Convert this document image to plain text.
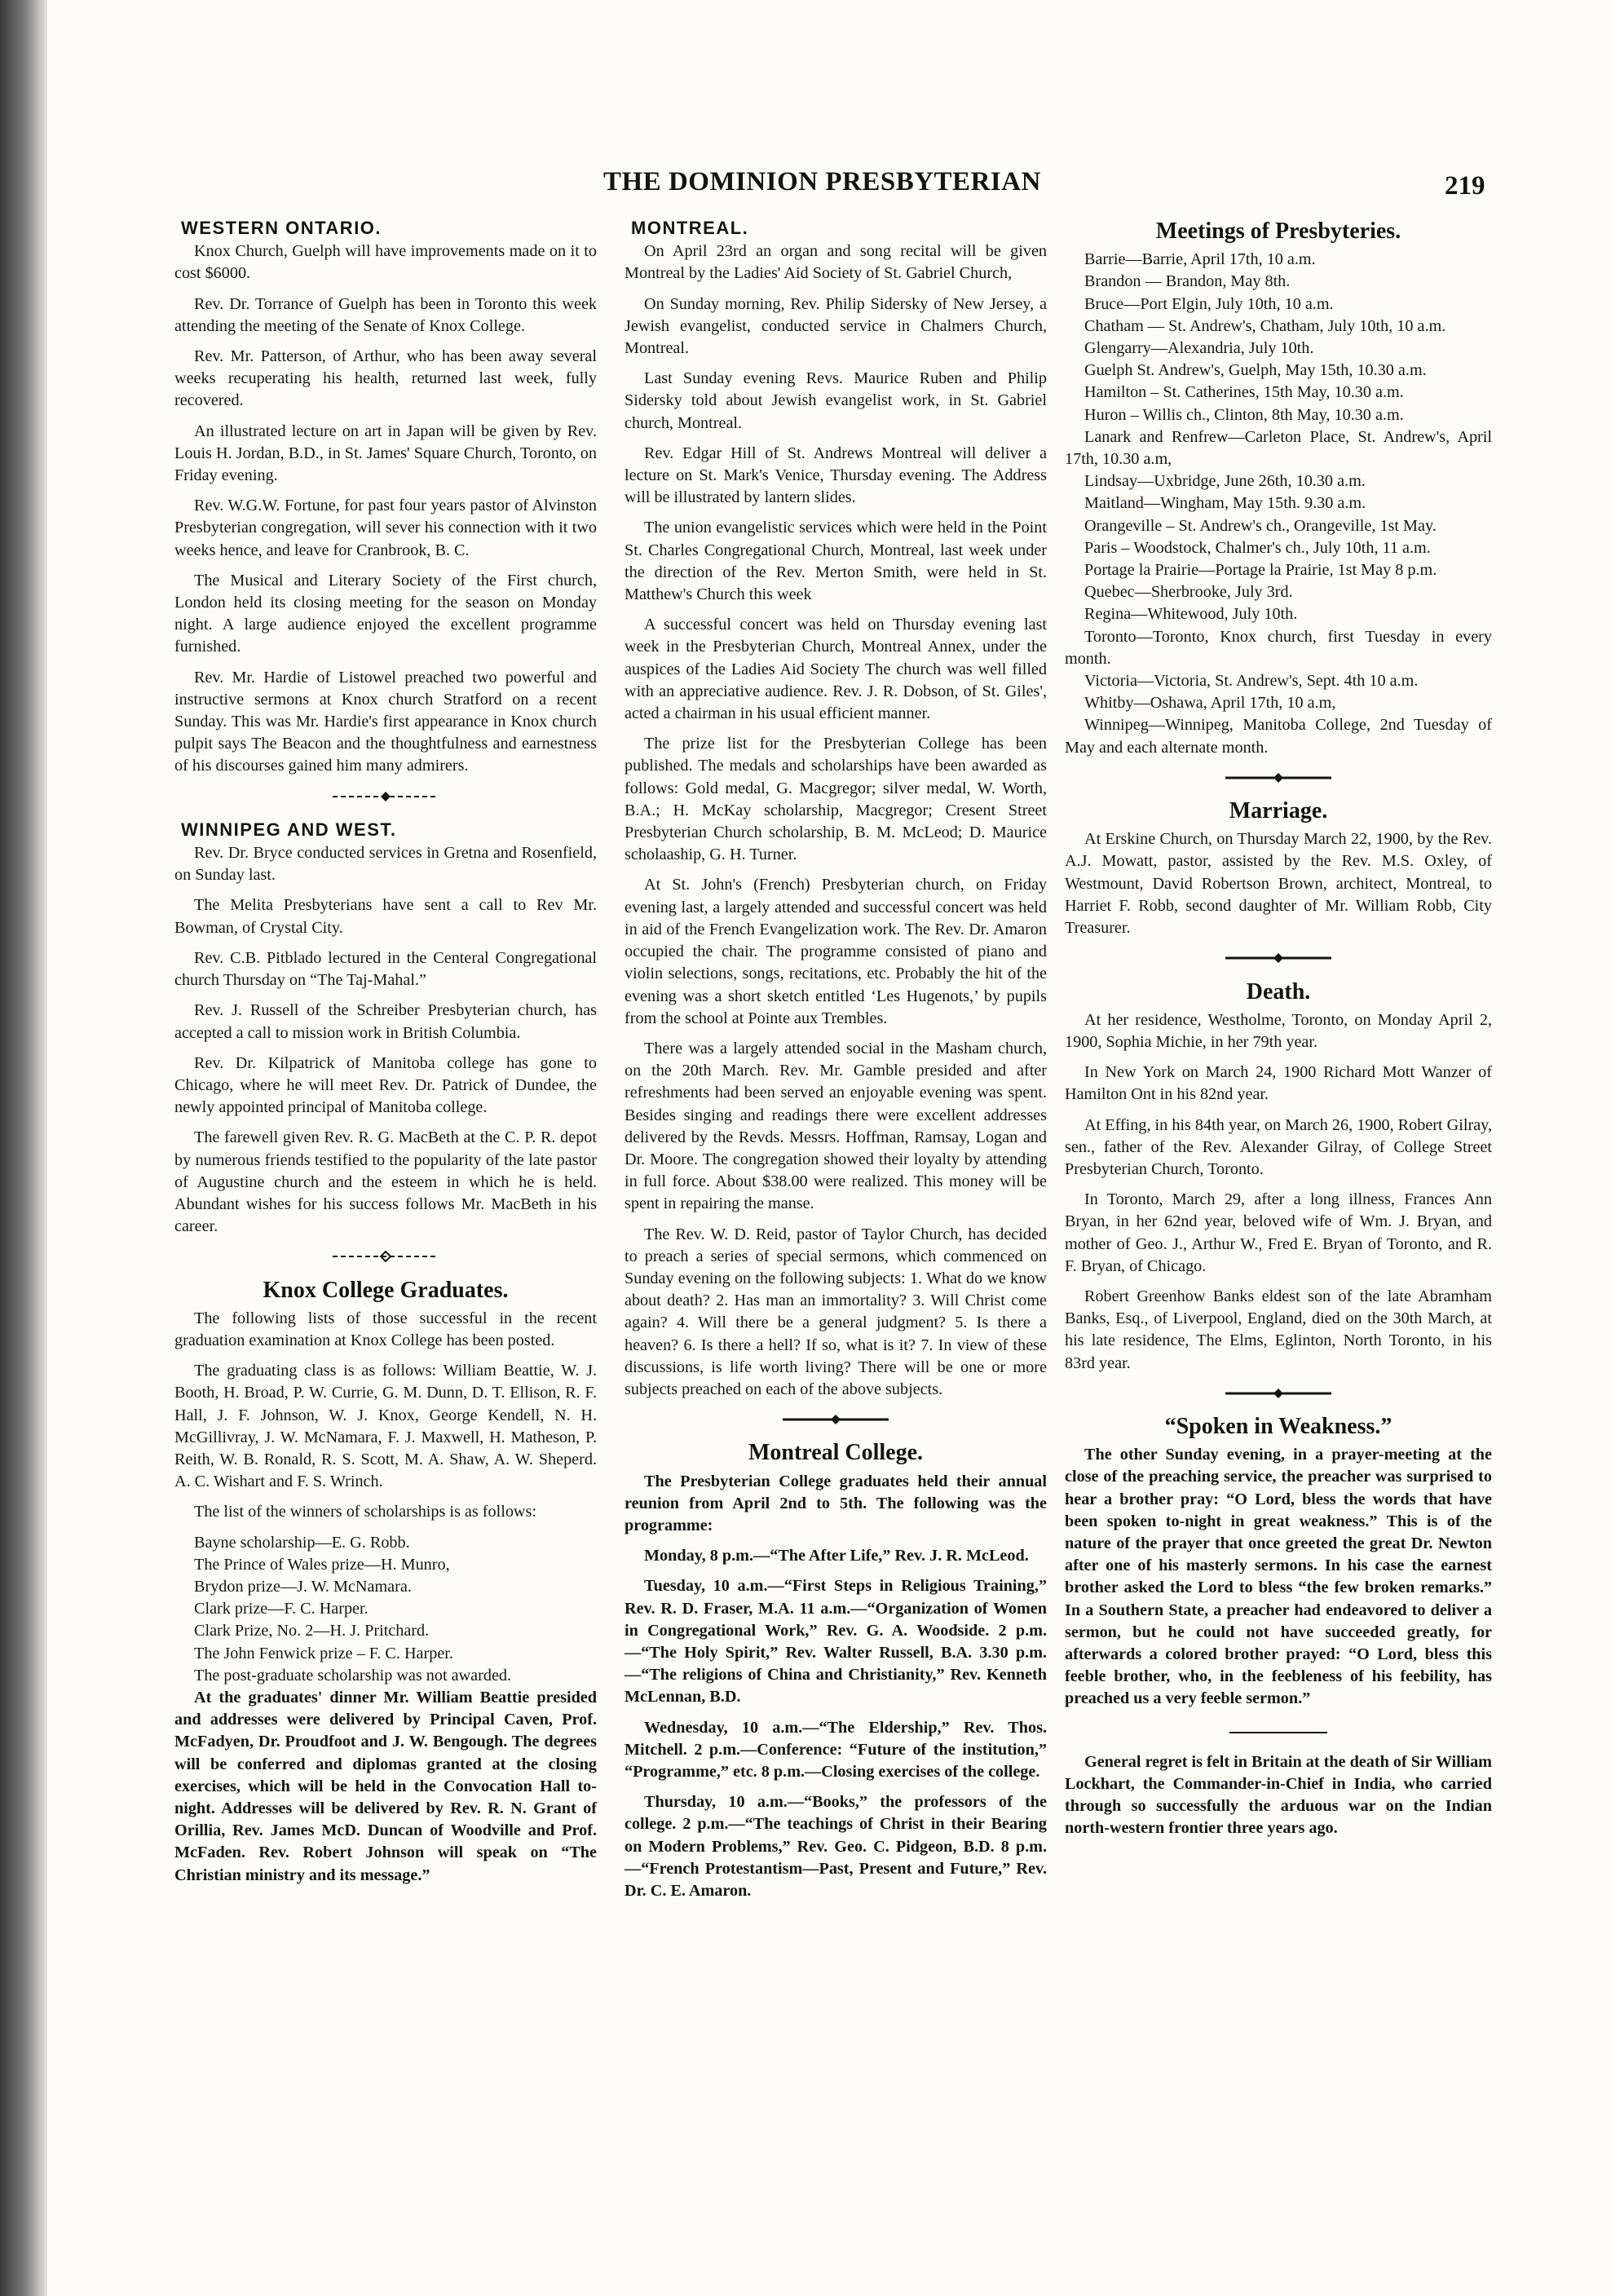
THE DOMINION PRESBYTERIAN	219
WESTERN ONTARIO.

Knox Church, Guelph will have improvements made on it to cost $6000.

Rev. Dr. Torrance of Guelph has been in Toronto this week attending the meeting of the Senate of Knox College.

Rev. Mr. Patterson, of Arthur, who has been away several weeks recuperating his health, returned last week, fully recovered.

An illustrated lecture on art in Japan will be given by Rev. Louis H. Jordan, B.D., in St. James' Square Church, Toronto, on Friday evening.

Rev. W.G.W. Fortune, for past four years pastor of Alvinston Presbyterian congregation, will sever his connection with it two weeks hence, and leave for Cranbrook, B. C.

The Musical and Literary Society of the First church, London held its closing meeting for the season on Monday night. A large audience enjoyed the excellent programme furnished.

Rev. Mr. Hardie of Listowel preached two powerful and instructive sermons at Knox church Stratford on a recent Sunday. This was Mr. Hardie's first appearance in Knox church pulpit says The Beacon and the thoughtfulness and earnestness of his discourses gained him many admirers.

WINNIPEG AND WEST.

Rev. Dr. Bryce conducted services in Gretna and Rosenfield, on Sunday last.

The Melita Presbyterians have sent a call to Rev Mr. Bowman, of Crystal City.

Rev. C.B. Pitblado lectured in the Centeral Congregational church Thursday on “The Taj-Mahal.”

Rev. J. Russell of the Schreiber Presbyterian church, has accepted a call to mission work in British Columbia.

Rev. Dr. Kilpatrick of Manitoba college has gone to Chicago, where he will meet Rev. Dr. Patrick of Dundee, the newly appointed principal of Manitoba college.

The farewell given Rev. R. G. MacBeth at the C. P. R. depot by numerous friends testified to the popularity of the late pastor of Augustine church and the esteem in which he is held. Abundant wishes for his success follows Mr. MacBeth in his career.

Knox College Graduates.

The following lists of those successful in the recent graduation examination at Knox College has been posted.

The graduating class is as follows: William Beattie, W. J. Booth, H. Broad, P. W. Currie, G. M. Dunn, D. T. Ellison, R. F. Hall, J. F. Johnson, W. J. Knox, George Kendell, N. H. McGillivray, J. W. McNamara, F. J. Maxwell, H. Matheson, P. Reith, W. B. Ronald, R. S. Scott, M. A. Shaw, A. W. Sheperd. A. C. Wishart and F. S. Wrinch.

The list of the winners of scholarships is as follows:

Bayne scholarship—E. G. Robb.

The Prince of Wales prize—H. Munro,

Brydon prize—J. W. McNamara.

Clark prize—F. C. Harper.

Clark Prize, No. 2—H. J. Pritchard.

The John Fenwick prize – F. C. Harper.

The post-graduate scholarship was not awarded.

At the graduates' dinner Mr. William Beattie presided and addresses were delivered by Principal Caven, Prof. McFadyen, Dr. Proudfoot and J. W. Bengough. The degrees will be conferred and diplomas granted at the closing exercises, which will be held in the Convocation Hall to-night. Addresses will be delivered by Rev. R. N. Grant of Orillia, Rev. James McD. Duncan of Woodville and Prof. McFaden. Rev. Robert Johnson will speak on “The Christian ministry and its message.”

MONTREAL.

On April 23rd an organ and song recital will be given Montreal by the Ladies' Aid Society of St. Gabriel Church,

On Sunday morning, Rev. Philip Sidersky of New Jersey, a Jewish evangelist, conducted service in Chalmers Church, Montreal.

Last Sunday evening Revs. Maurice Ruben and Philip Sidersky told about Jewish evangelist work, in St. Gabriel church, Montreal.

Rev. Edgar Hill of St. Andrews Montreal will deliver a lecture on St. Mark's Venice, Thursday evening. The Address will be illustrated by lantern slides.

The union evangelistic services which were held in the Point St. Charles Congregational Church, Montreal, last week under the direction of the Rev. Merton Smith, were held in St. Matthew's Church this week

A successful concert was held on Thursday evening last week in the Presbyterian Church, Montreal Annex, under the auspices of the Ladies Aid Society The church was well filled with an appreciative audience. Rev. J. R. Dobson, of St. Giles', acted a chairman in his usual efficient manner.

The prize list for the Presbyterian College has been published. The medals and scholarships have been awarded as follows: Gold medal, G. Macgregor; silver medal, W. Worth, B.A.; H. McKay scholarship, Macgregor; Cresent Street Presbyterian Church scholarship, B. M. McLeod; D. Maurice scholaaship, G. H. Turner.

At St. John's (French) Presbyterian church, on Friday evening last, a largely attended and successful concert was held in aid of the French Evangelization work. The Rev. Dr. Amaron occupied the chair. The programme consisted of piano and violin selections, songs, recitations, etc. Probably the hit of the evening was a short sketch entitled ‘Les Hugenots,’ by pupils from the school at Pointe aux Trembles.

There was a largely attended social in the Masham church, on the 20th March. Rev. Mr. Gamble presided and after refreshments had been served an enjoyable evening was spent. Besides singing and readings there were excellent addresses delivered by the Revds. Messrs. Hoffman, Ramsay, Logan and Dr. Moore. The congregation showed their loyalty by attending in full force. About $38.00 were realized. This money will be spent in repairing the manse.

The Rev. W. D. Reid, pastor of Taylor Church, has decided to preach a series of special sermons, which commenced on Sunday evening on the following subjects: 1. What do we know about death? 2. Has man an immortality? 3. Will Christ come again? 4. Will there be a general judgment? 5. Is there a heaven? 6. Is there a hell? If so, what is it? 7. In view of these discussions, is life worth living? There will be one or more subjects preached on each of the above subjects.

Montreal College.

The Presbyterian College graduates held their annual reunion from April 2nd to 5th. The following was the programme:

Monday, 8 p.m.—“The After Life,” Rev. J. R. McLeod.

Tuesday, 10 a.m.—“First Steps in Religious Training,” Rev. R. D. Fraser, M.A. 11 a.m.—“Organization of Women in Congregational Work,” Rev. G. A. Woodside. 2 p.m.—“The Holy Spirit,” Rev. Walter Russell, B.A. 3.30 p.m.—“The religions of China and Christianity,” Rev. Kenneth McLennan, B.D.

Wednesday, 10 a.m.—“The Eldership,” Rev. Thos. Mitchell. 2 p.m.—Conference: “Future of the institution,” “Programme,” etc. 8 p.m.—Closing exercises of the college.

Thursday, 10 a.m.—“Books,” the professors of the college. 2 p.m.—“The teachings of Christ in their Bearing on Modern Problems,” Rev. Geo. C. Pidgeon, B.D. 8 p.m.—“French Protestantism—Past, Present and Future,” Rev. Dr. C. E. Amaron.

Meetings of Presbyteries.

Barrie—Barrie, April 17th, 10 a.m.

Brandon — Brandon, May 8th.

Bruce—Port Elgin, July 10th, 10 a.m.

Chatham — St. Andrew's, Chatham, July 10th, 10 a.m.

Glengarry—Alexandria, July 10th.

Guelph St. Andrew's, Guelph, May 15th, 10.30 a.m.

Hamilton – St. Catherines, 15th May, 10.30 a.m.

Huron – Willis ch., Clinton, 8th May, 10.30 a.m.

Lanark and Renfrew—Carleton Place, St. Andrew's, April 17th, 10.30 a.m,

Lindsay—Uxbridge, June 26th, 10.30 a.m.

Maitland—Wingham, May 15th. 9.30 a.m.

Orangeville – St. Andrew's ch., Orangeville, 1st May.

Paris – Woodstock, Chalmer's ch., July 10th, 11 a.m.

Portage la Prairie—Portage la Prairie, 1st May 8 p.m.

Quebec—Sherbrooke, July 3rd.

Regina—Whitewood, July 10th.

Toronto—Toronto, Knox church, first Tuesday in every month.

Victoria—Victoria, St. Andrew's, Sept. 4th 10 a.m.

Whitby—Oshawa, April 17th, 10 a.m,

Winnipeg—Winnipeg, Manitoba College, 2nd Tuesday of May and each alternate month.

Marriage.

At Erskine Church, on Thursday March 22, 1900, by the Rev. A.J. Mowatt, pastor, assisted by the Rev. M.S. Oxley, of Westmount, David Robertson Brown, architect, Montreal, to Harriet F. Robb, second daughter of Mr. William Robb, City Treasurer.

Death.

At her residence, Westholme, Toronto, on Monday April 2, 1900, Sophia Michie, in her 79th year.

In New York on March 24, 1900 Richard Mott Wanzer of Hamilton Ont in his 82nd year.

At Effing, in his 84th year, on March 26, 1900, Robert Gilray, sen., father of the Rev. Alexander Gilray, of College Street Presbyterian Church, Toronto.

In Toronto, March 29, after a long illness, Frances Ann Bryan, in her 62nd year, beloved wife of Wm. J. Bryan, and mother of Geo. J., Arthur W., Fred E. Bryan of Toronto, and R. F. Bryan, of Chicago.

Robert Greenhow Banks eldest son of the late Abramham Banks, Esq., of Liverpool, England, died on the 30th March, at his late residence, The Elms, Eglinton, North Toronto, in his 83rd year.

“Spoken in Weakness.”

The other Sunday evening, in a prayer-meeting at the close of the preaching service, the preacher was surprised to hear a brother pray: “O Lord, bless the words that have been spoken to-night in great weakness.” This is of the nature of the prayer that once greeted the great Dr. Newton after one of his masterly sermons. In his case the earnest brother asked the Lord to bless “the few broken remarks.” In a Southern State, a preacher had endeavored to deliver a sermon, but he could not have succeeded greatly, for afterwards a colored brother prayed: “O Lord, bless this feeble brother, who, in the feebleness of his feebility, has preached us a very feeble sermon.”

General regret is felt in Britain at the death of Sir William Lockhart, the Commander-in-Chief in India, who carried through so successfully the arduous war on the Indian north-western frontier three years ago.
